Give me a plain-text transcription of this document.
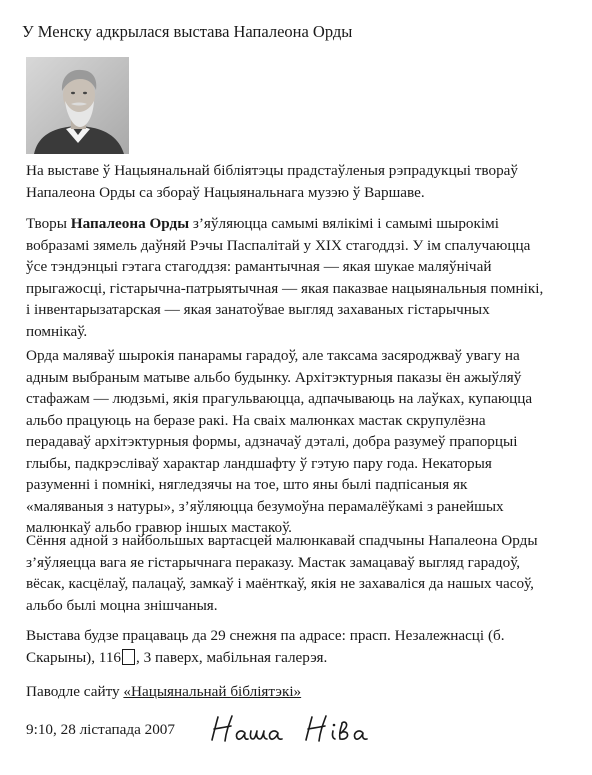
У Менску адкрылася выстава Напалеона Орды
На выставе ў Нацыянальнай бібліятэцы прадстаўленыя рэпрадукцыі твораў
Напалеона Орды са збораў Нацыянальнага музэю ў Варшаве.
Творы Напалеона Орды з’яўляюцца самымі вялікімі і самымі шырокімі
вобразамі зямель даўняй Рэчы Паспалітай у XIX стагоддзі. У ім спалучаюцца
ўсе тэндэнцыі гэтага стагоддзя: рамантычная — якая шукае маляўнічай
прыгажосці, гістарычна-патрыятычная — якая паказвае нацыянальныя помнікі,
і інвентарызатарская — якая занатоўвае выгляд захаваных гістарычных
помнікаў.
Орда маляваў шырокія панарамы гарадоў, але таксама засяроджваў увагу на
адным выбраным матыве альбо будынку. Архітэктурныя паказы ён ажыўляў
стафажам — людзьмі, якія прагульваюцца, адпачываюць на лаўках, купаюцца
альбо працуюць на беразе ракі. На сваіх малюнках мастак скрупулёзна
перадаваў архітэктурныя формы, адзначаў дэталі, добра разумеў прапорцыі
глыбы, падкрэсліваў характар ландшафту ў гэтую пару года. Некаторыя
разуменні і помнікі, нягледзячы на тое, што яны былі падпісаныя як
«маляваныя з натуры», з’яўляюцца безумоўна перамалёўкамі з ранейшых
малюнкаў альбо гравюр іншых мастакоў.
Сёння адной з найбольшых вартасцей малюнкавай спадчыны Напалеона Орды
з’яўляецца вага яе гістарычнага пераказу. Мастак замацаваў выгляд гарадоў,
вёсак, касцёлаў, палацаў, замкаў і маёнткаў, якія не захаваліся да нашых часоў,
альбо былі моцна знішчаныя.
Выстава будзе працаваць да 29 снежня па адрасе: прасп. Незалежнасці (б.
Скарыны), 116 , 3 паверх, мабільная галерэя.
Паводле сайту «Нацыянальнай бібліятэкі»
9:10, 28 лістапада 2007
